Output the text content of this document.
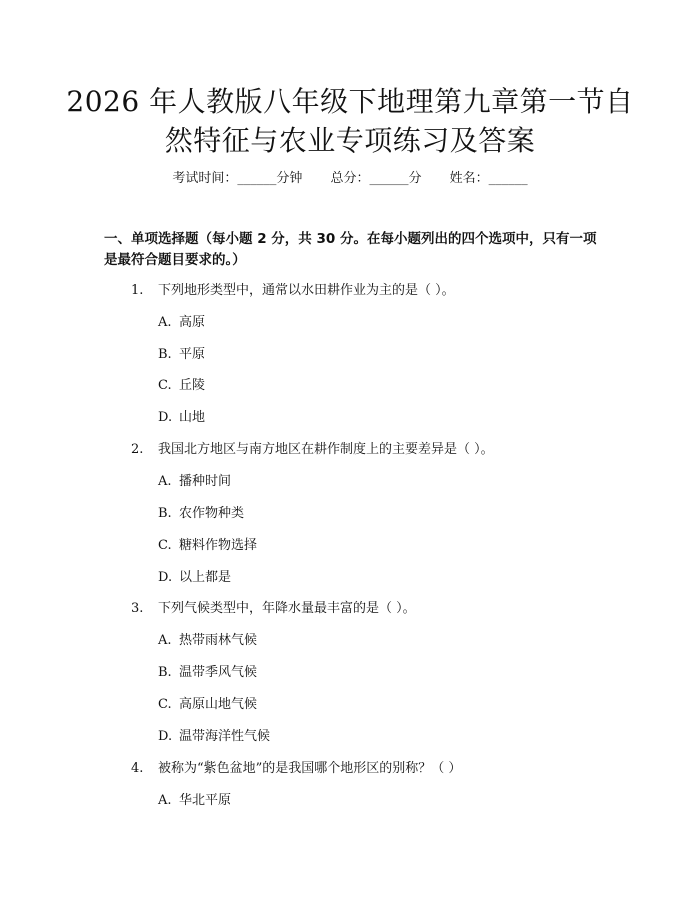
2026 年人教版八年级下地理第九章第一节自
然特征与农业专项练习及答案
考试时间：______分钟 总分：______分 姓名：______
一、单项选择题（每小题 2 分，共 30 分。在每小题列出的四个选项中，只有一项
是最符合题目要求的。）
1. 下列地形类型中，通常以水田耕作业为主的是（ ）。
A. 高原
B. 平原
C. 丘陵
D. 山地
2. 我国北方地区与南方地区在耕作制度上的主要差异是（ ）。
A. 播种时间
B. 农作物种类
C. 糖料作物选择
D. 以上都是
3. 下列气候类型中，年降水量最丰富的是（ ）。
A. 热带雨林气候
B. 温带季风气候
C. 高原山地气候
D. 温带海洋性气候
4. 被称为“紫色盆地”的是我国哪个地形区的别称？（ ）
A. 华北平原
